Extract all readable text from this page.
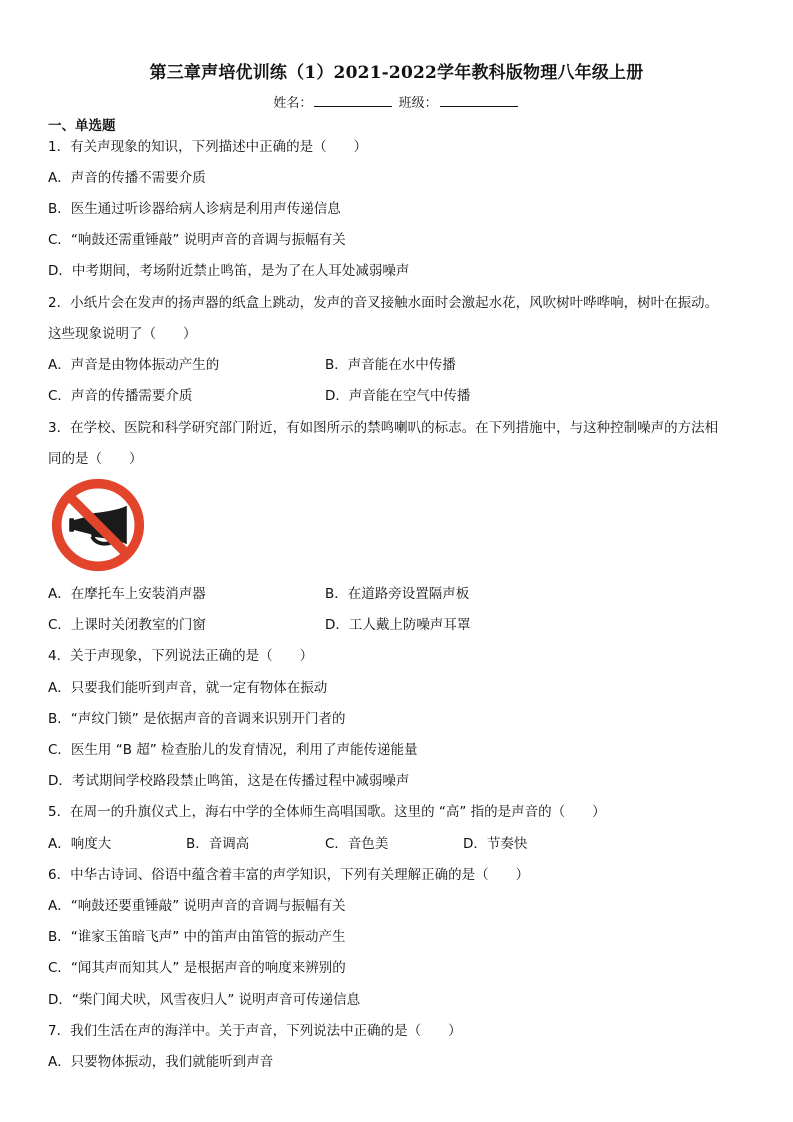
第三章声培优训练（1）2021-2022学年教科版物理八年级上册
姓名：	班级：
一、单选题
1．有关声现象的知识，下列描述中正确的是（　　）
A．声音的传播不需要介质
B．医生通过听诊器给病人诊病是利用声传递信息
C．“响鼓还需重锤敲” 说明声音的音调与振幅有关
D．中考期间，考场附近禁止鸣笛，是为了在人耳处减弱噪声
2．小纸片会在发声的扬声器的纸盒上跳动，发声的音叉接触水面时会激起水花，风吹树叶哗哗响，树叶在振动。
这些现象说明了（　　）
A．声音是由物体振动产生的	B．声音能在水中传播
C．声音的传播需要介质	D．声音能在空气中传播
3．在学校、医院和科学研究部门附近，有如图所示的禁鸣喇叭的标志。在下列措施中，与这种控制噪声的方法相
同的是（　　）
A．在摩托车上安装消声器	B．在道路旁设置隔声板
C．上课时关闭教室的门窗	D．工人戴上防噪声耳罩
4．关于声现象，下列说法正确的是（　　）
A．只要我们能听到声音，就一定有物体在振动
B．“声纹门锁” 是依据声音的音调来识别开门者的
C．医生用 “B 超” 检查胎儿的发育情况，利用了声能传递能量
D．考试期间学校路段禁止鸣笛，这是在传播过程中减弱噪声
5．在周一的升旗仪式上，海右中学的全体师生高唱国歌。这里的 “高” 指的是声音的（　　）
A．响度大	B．音调高	C．音色美	D．节奏快
6．中华古诗词、俗语中蕴含着丰富的声学知识，下列有关理解正确的是（　　）
A．“响鼓还要重锤敲” 说明声音的音调与振幅有关
B．“谁家玉笛暗飞声” 中的笛声由笛管的振动产生
C．“闻其声而知其人” 是根据声音的响度来辨别的
D．“柴门闻犬吠，风雪夜归人” 说明声音可传递信息
7．我们生活在声的海洋中。关于声音，下列说法中正确的是（　　）
A．只要物体振动，我们就能听到声音
